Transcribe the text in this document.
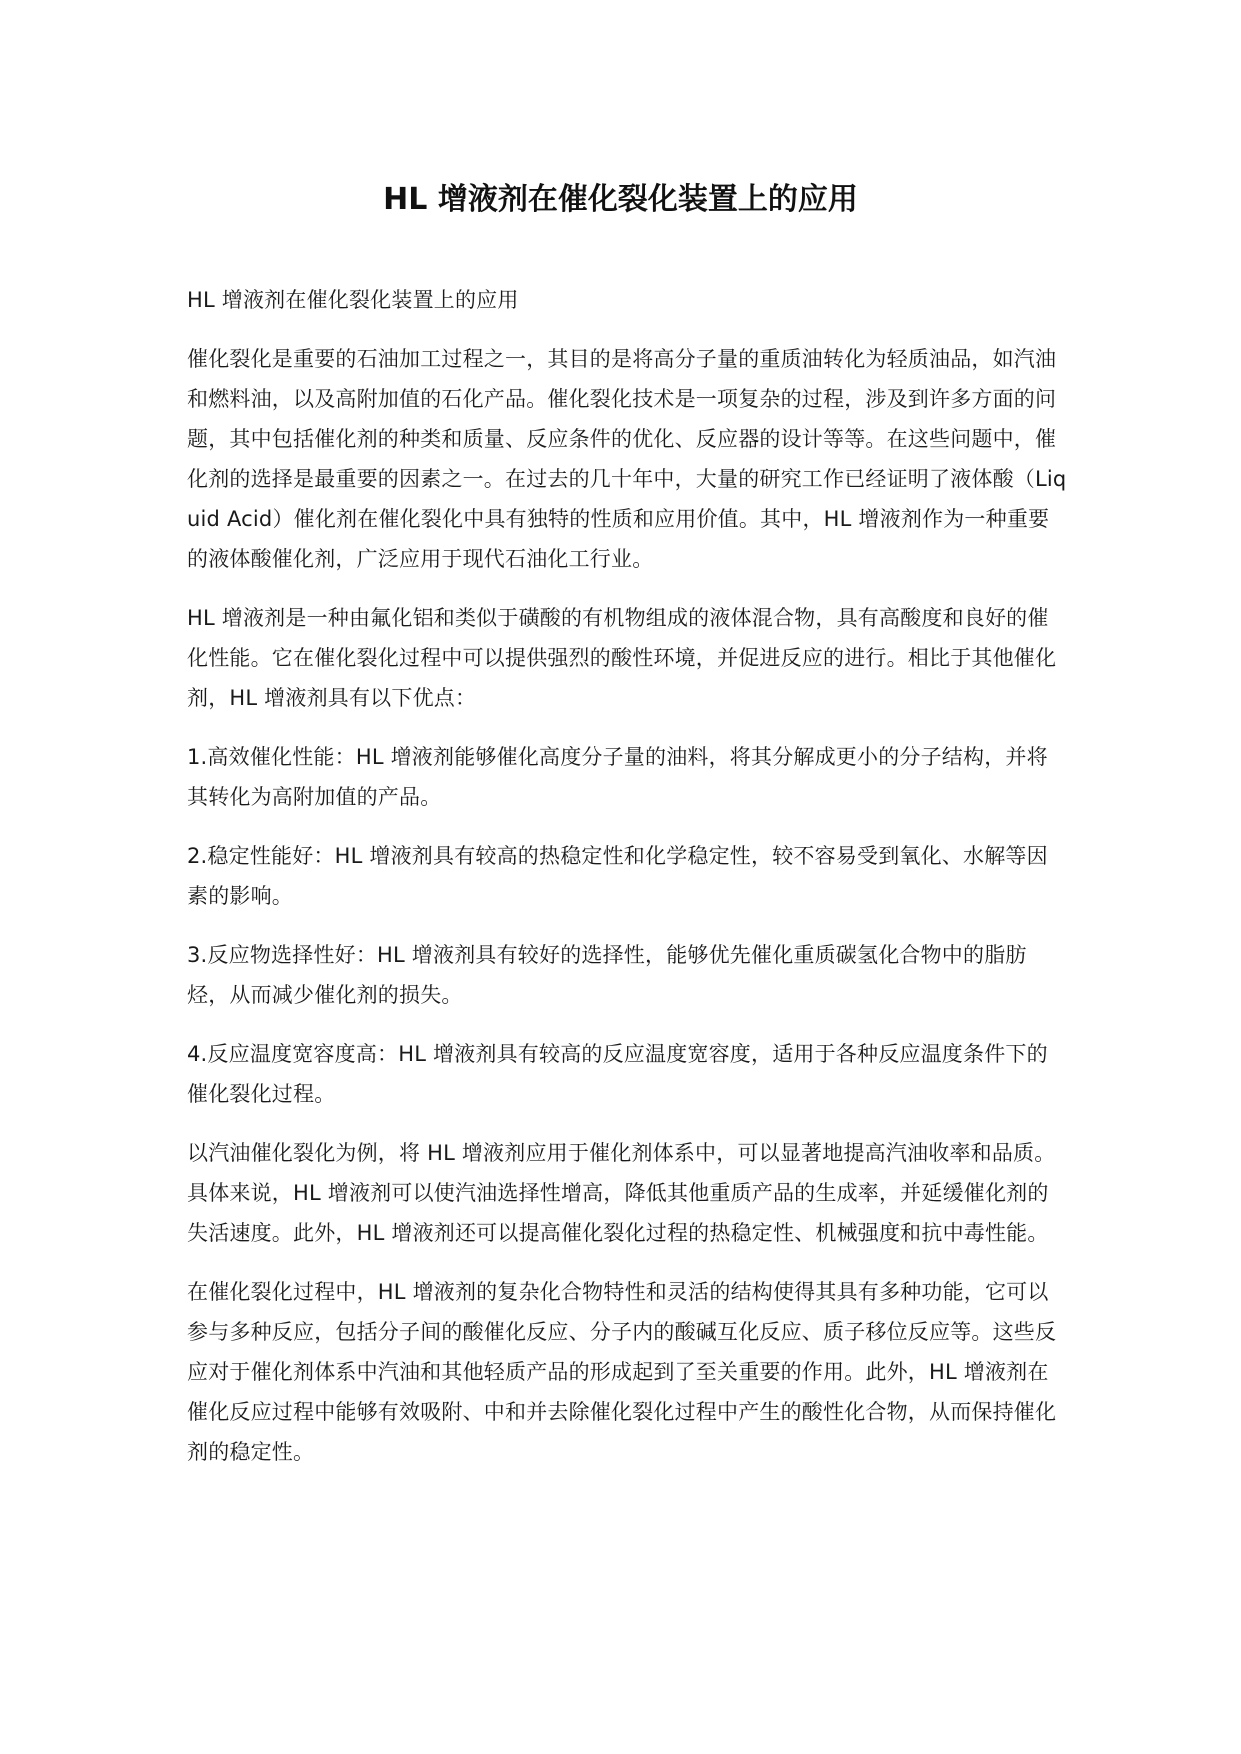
HL 增液剂在催化裂化装置上的应用

HL 增液剂在催化裂化装置上的应用

催化裂化是重要的石油加工过程之一，其目的是将高分子量的重质油转化为轻质油品，如汽油和燃料油，以及高附加值的石化产品。催化裂化技术是一项复杂的过程，涉及到许多方面的问题，其中包括催化剂的种类和质量、反应条件的优化、反应器的设计等等。在这些问题中，催化剂的选择是最重要的因素之一。在过去的几十年中，大量的研究工作已经证明了液体酸（Liquid Acid）催化剂在催化裂化中具有独特的性质和应用价值。其中，HL 增液剂作为一种重要的液体酸催化剂，广泛应用于现代石油化工行业。

HL 增液剂是一种由氟化铝和类似于磺酸的有机物组成的液体混合物，具有高酸度和良好的催化性能。它在催化裂化过程中可以提供强烈的酸性环境，并促进反应的进行。相比于其他催化剂，HL 增液剂具有以下优点：

1.高效催化性能：HL 增液剂能够催化高度分子量的油料，将其分解成更小的分子结构，并将其转化为高附加值的产品。

2.稳定性能好：HL 增液剂具有较高的热稳定性和化学稳定性，较不容易受到氧化、水解等因素的影响。

3.反应物选择性好：HL 增液剂具有较好的选择性，能够优先催化重质碳氢化合物中的脂肪烃，从而减少催化剂的损失。

4.反应温度宽容度高：HL 增液剂具有较高的反应温度宽容度，适用于各种反应温度条件下的催化裂化过程。

以汽油催化裂化为例，将 HL 增液剂应用于催化剂体系中，可以显著地提高汽油收率和品质。具体来说，HL 增液剂可以使汽油选择性增高，降低其他重质产品的生成率，并延缓催化剂的失活速度。此外，HL 增液剂还可以提高催化裂化过程的热稳定性、机械强度和抗中毒性能。

在催化裂化过程中，HL 增液剂的复杂化合物特性和灵活的结构使得其具有多种功能，它可以参与多种反应，包括分子间的酸催化反应、分子内的酸碱互化反应、质子移位反应等。这些反应对于催化剂体系中汽油和其他轻质产品的形成起到了至关重要的作用。此外，HL 增液剂在催化反应过程中能够有效吸附、中和并去除催化裂化过程中产生的酸性化合物，从而保持催化剂的稳定性。
